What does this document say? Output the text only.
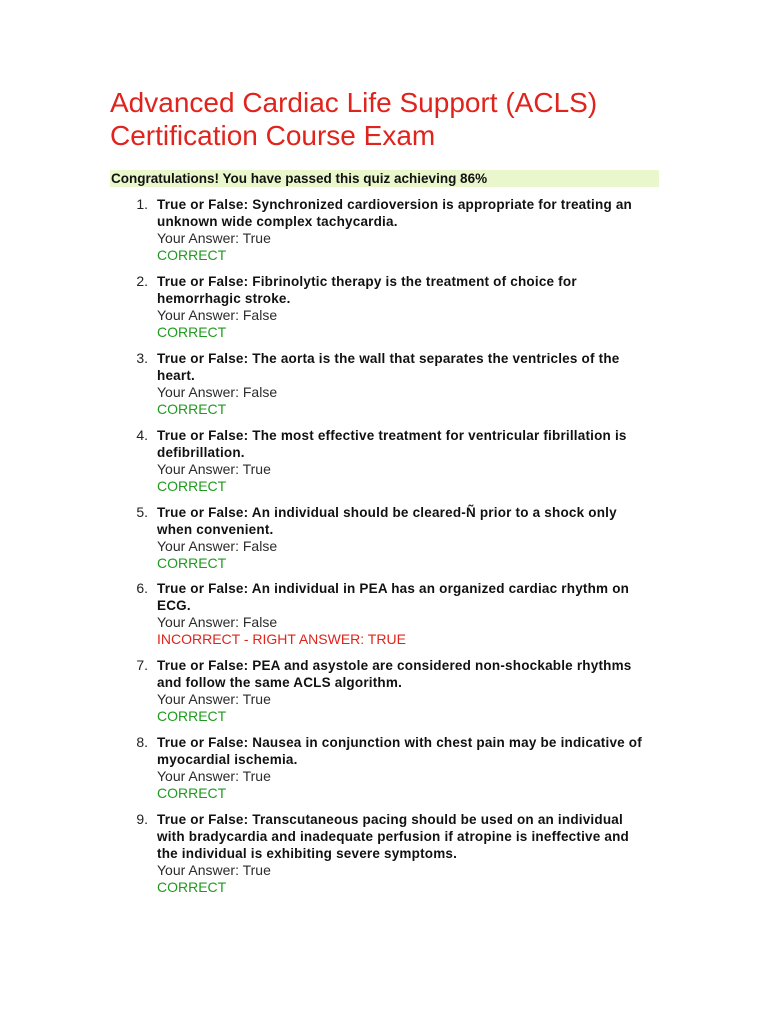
Advanced Cardiac Life Support (ACLS) Certification Course Exam
Congratulations! You have passed this quiz achieving 86%
1. True or False: Synchronized cardioversion is appropriate for treating an unknown wide complex tachycardia.
Your Answer: True
CORRECT
2. True or False: Fibrinolytic therapy is the treatment of choice for hemorrhagic stroke.
Your Answer: False
CORRECT
3. True or False: The aorta is the wall that separates the ventricles of the heart.
Your Answer: False
CORRECT
4. True or False: The most effective treatment for ventricular fibrillation is defibrillation.
Your Answer: True
CORRECT
5. True or False: An individual should be cleared-Ñ prior to a shock only when convenient.
Your Answer: False
CORRECT
6. True or False: An individual in PEA has an organized cardiac rhythm on ECG.
Your Answer: False
INCORRECT - RIGHT ANSWER: TRUE
7. True or False: PEA and asystole are considered non-shockable rhythms and follow the same ACLS algorithm.
Your Answer: True
CORRECT
8. True or False: Nausea in conjunction with chest pain may be indicative of myocardial ischemia.
Your Answer: True
CORRECT
9. True or False: Transcutaneous pacing should be used on an individual with bradycardia and inadequate perfusion if atropine is ineffective and the individual is exhibiting severe symptoms.
Your Answer: True
CORRECT
